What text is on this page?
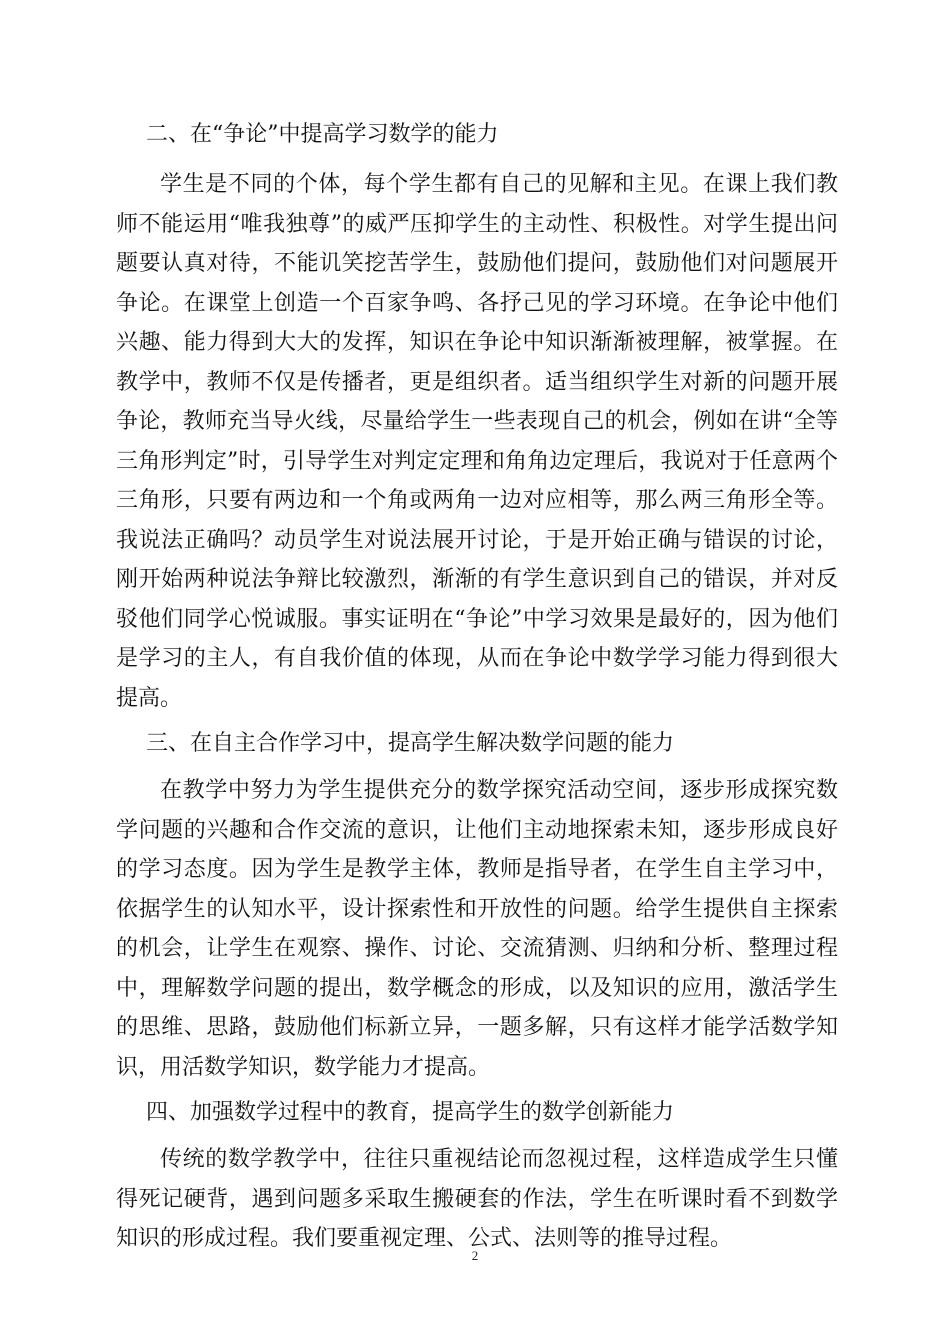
二、在“争论”中提高学习数学的能力

学生是不同的个体，每个学生都有自己的见解和主见。在课上我们教师不能运用“唯我独尊”的威严压抑学生的主动性、积极性。对学生提出问题要认真对待，不能讥笑挖苦学生，鼓励他们提问，鼓励他们对问题展开争论。在课堂上创造一个百家争鸣、各抒己见的学习环境。在争论中他们兴趣、能力得到大大的发挥，知识在争论中知识渐渐被理解，被掌握。在教学中，教师不仅是传播者，更是组织者。适当组织学生对新的问题开展争论，教师充当导火线，尽量给学生一些表现自己的机会，例如在讲“全等三角形判定”时，引导学生对判定定理和角角边定理后，我说对于任意两个三角形，只要有两边和一个角或两角一边对应相等，那么两三角形全等。我说法正确吗？动员学生对说法展开讨论，于是开始正确与错误的讨论，刚开始两种说法争辩比较激烈，渐渐的有学生意识到自己的错误，并对反驳他们同学心悦诚服。事实证明在“争论”中学习效果是最好的，因为他们是学习的主人，有自我价值的体现，从而在争论中数学学习能力得到很大提高。

三、在自主合作学习中，提高学生解决数学问题的能力

在教学中努力为学生提供充分的数学探究活动空间，逐步形成探究数学问题的兴趣和合作交流的意识，让他们主动地探索未知，逐步形成良好的学习态度。因为学生是教学主体，教师是指导者，在学生自主学习中，依据学生的认知水平，设计探索性和开放性的问题。给学生提供自主探索的机会，让学生在观察、操作、讨论、交流猜测、归纳和分析、整理过程中，理解数学问题的提出，数学概念的形成，以及知识的应用，激活学生的思维、思路，鼓励他们标新立异，一题多解，只有这样才能学活数学知识，用活数学知识，数学能力才提高。

四、加强数学过程中的教育，提高学生的数学创新能力

传统的数学教学中，往往只重视结论而忽视过程，这样造成学生只懂得死记硬背，遇到问题多采取生搬硬套的作法，学生在听课时看不到数学知识的形成过程。我们要重视定理、公式、法则等的推导过程。

2
